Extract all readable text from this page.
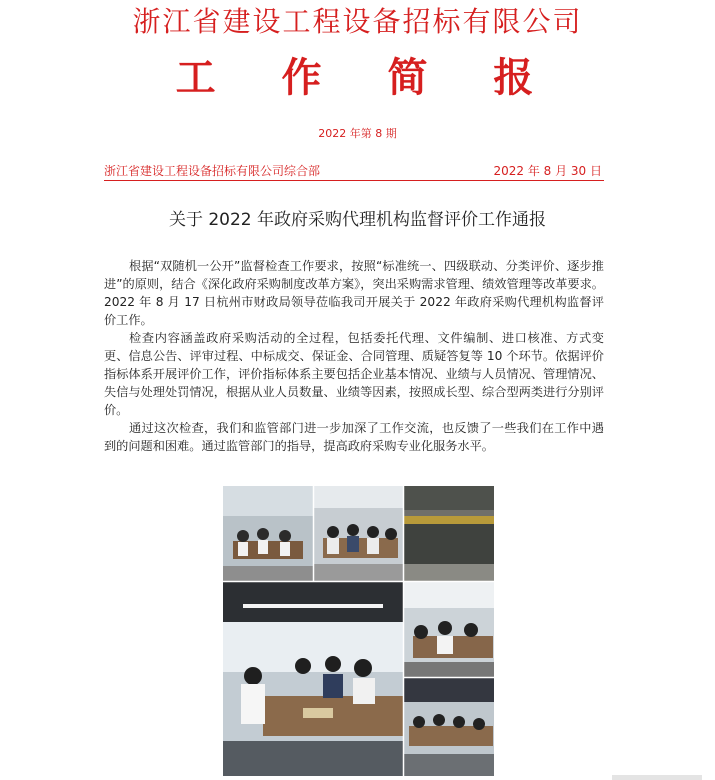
浙江省建设工程设备招标有限公司
工 作 简 报
2022 年第 8 期
浙江省建设工程设备招标有限公司综合部	2022 年 8 月 30 日
关于 2022 年政府采购代理机构监督评价工作通报

根据“双随机一公开”监督检查工作要求，按照“标准统一、四级联动、分类评价、逐步推进”的原则，结合《深化政府采购制度改革方案》，突出采购需求管理、绩效管理等改革要求。2022 年 8 月 17 日杭州市财政局领导莅临我司开展关于 2022 年政府采购代理机构监督评价工作。

检查内容涵盖政府采购活动的全过程，包括委托代理、文件编制、进口核准、方式变更、信息公告、评审过程、中标成交、保证金、合同管理、质疑答复等 10 个环节。依据评价指标体系开展评价工作，评价指标体系主要包括企业基本情况、业绩与人员情况、管理情况、失信与处理处罚情况，根据从业人员数量、业绩等因素，按照成长型、综合型两类进行分别评价。

通过这次检查，我们和监管部门进一步加深了工作交流，也反馈了一些我们在工作中遇到的问题和困难。通过监管部门的指导，提高政府采购专业化服务水平。
